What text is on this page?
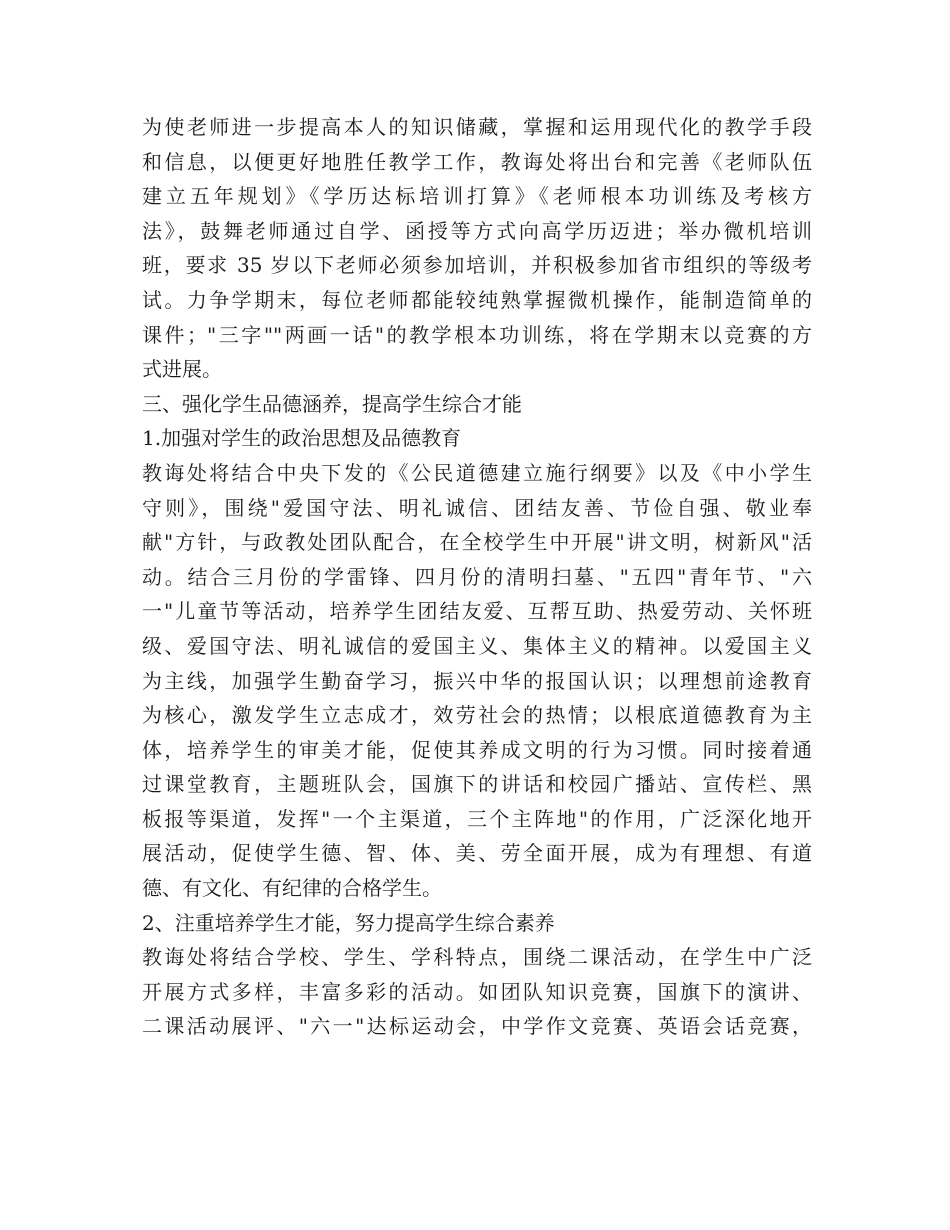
为使老师进一步提高本人的知识储藏，掌握和运用现代化的教学手段
和信息，以便更好地胜任教学工作，教诲处将出台和完善《老师队伍
建立五年规划》《学历达标培训打算》《老师根本功训练及考核方
法》，鼓舞老师通过自学、函授等方式向高学历迈进；举办微机培训
班，要求 35 岁以下老师必须参加培训，并积极参加省市组织的等级考
试。力争学期末，每位老师都能较纯熟掌握微机操作，能制造简单的
课件；"三字""两画一话"的教学根本功训练，将在学期末以竞赛的方
式进展。
三、强化学生品德涵养，提高学生综合才能
1.加强对学生的政治思想及品德教育
教诲处将结合中央下发的《公民道德建立施行纲要》以及《中小学生
守则》，围绕"爱国守法、明礼诚信、团结友善、节俭自强、敬业奉
献"方针，与政教处团队配合，在全校学生中开展"讲文明，树新风"活
动。结合三月份的学雷锋、四月份的清明扫墓、"五四"青年节、"六
一"儿童节等活动，培养学生团结友爱、互帮互助、热爱劳动、关怀班
级、爱国守法、明礼诚信的爱国主义、集体主义的精神。以爱国主义
为主线，加强学生勤奋学习，振兴中华的报国认识；以理想前途教育
为核心，激发学生立志成才，效劳社会的热情；以根底道德教育为主
体，培养学生的审美才能，促使其养成文明的行为习惯。同时接着通
过课堂教育，主题班队会，国旗下的讲话和校园广播站、宣传栏、黑
板报等渠道，发挥"一个主渠道，三个主阵地"的作用，广泛深化地开
展活动，促使学生德、智、体、美、劳全面开展，成为有理想、有道
德、有文化、有纪律的合格学生。
2、注重培养学生才能，努力提高学生综合素养
教诲处将结合学校、学生、学科特点，围绕二课活动，在学生中广泛
开展方式多样，丰富多彩的活动。如团队知识竞赛，国旗下的演讲、
二课活动展评、"六一"达标运动会，中学作文竞赛、英语会话竞赛，
